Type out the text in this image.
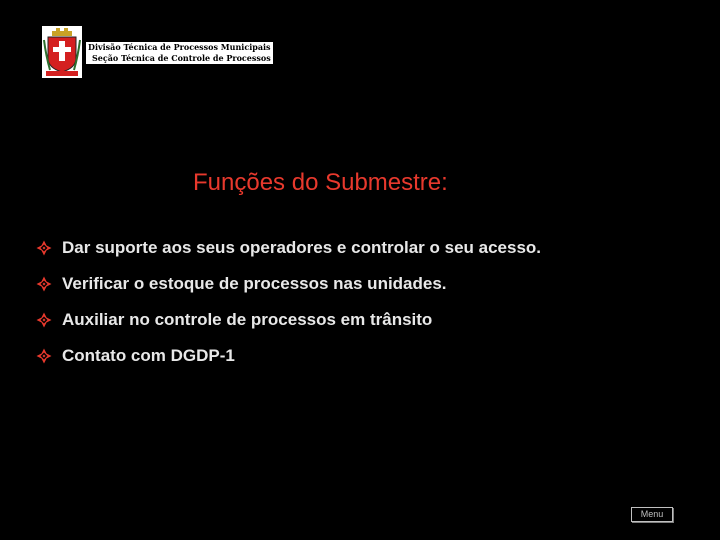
Divisão Técnica de Processos Municipais
Seção Técnica de Controle de Processos
Funções do Submestre:
Dar suporte aos seus operadores e controlar o seu acesso.
Verificar o estoque de processos nas unidades.
Auxiliar no controle de processos em trânsito
Contato com DGDP-1
Menu
